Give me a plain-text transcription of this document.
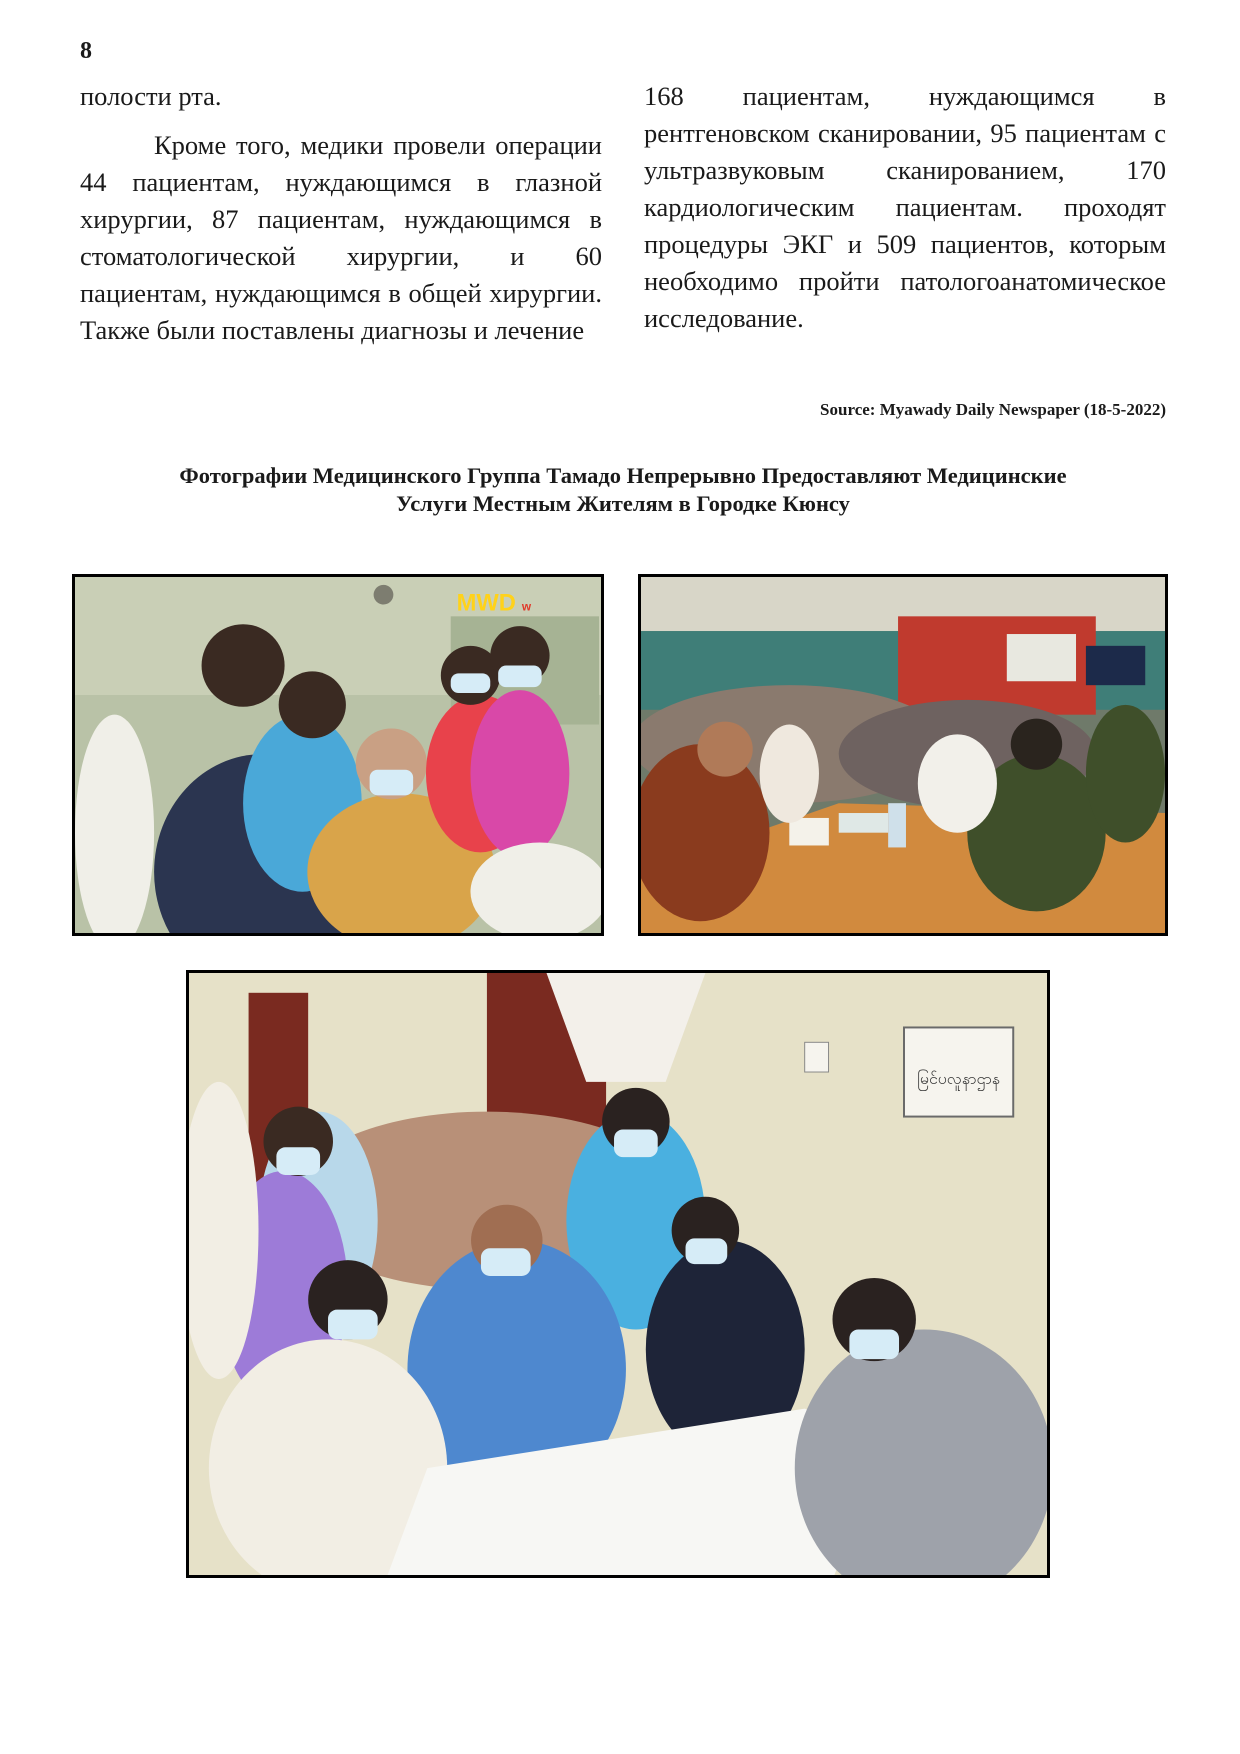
8

полости рта.

Кроме того, медики провели операции 44 пациентам, нуждающимся в глазной хирургии, 87 пациентам, нуждающимся в стоматологической хирургии, и 60 пациентам, нуждающимся в общей хирургии. Также были поставлены диагнозы и лечение

168 пациентам, нуждающимся в рентгеновском сканировании, 95 пациентам с ультразвуковым сканированием, 170 кардиологическим пациентам. проходят процедуры ЭКГ и 509 пациентов, которым необходимо пройти патологоанатомическое исследование.

Source: Myawady Daily Newspaper (18-5-2022)
Фотографии Медицинского Группа Тамадо Непрерывно Предоставляют Медицинские
Услуги Местным Жителям в Городке Кюнсу
MWD w
မြင်ပလူနာဌာန
